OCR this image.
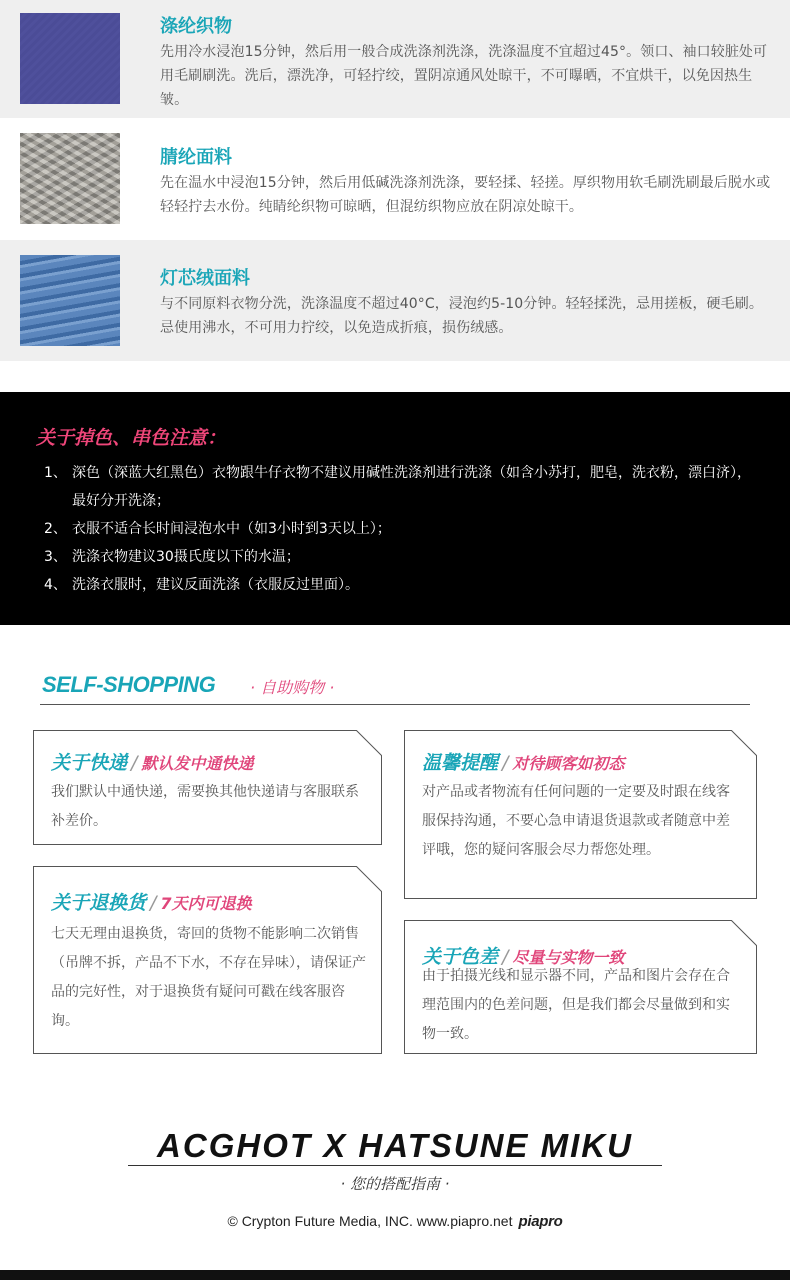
涤纶织物
先用冷水浸泡15分钟，然后用一般合成洗涤剂洗涤，洗涤温度不宜超过45°。领口、袖口较脏处可用毛刷刷洗。洗后，漂洗净，可轻拧绞，置阴凉通风处晾干，不可曝晒，不宜烘干，以免因热生皱。
腈纶面料
先在温水中浸泡15分钟，然后用低碱洗涤剂洗涤，要轻揉、轻搓。厚织物用软毛刷洗刷最后脱水或轻轻拧去水份。纯睛纶织物可晾晒，但混纺织物应放在阴凉处晾干。
灯芯绒面料
与不同原料衣物分洗，洗涤温度不超过40°C，浸泡约5-10分钟。轻轻揉洗，忌用搓板，硬毛刷。忌使用沸水，不可用力拧绞，以免造成折痕，损伤绒感。
关于掉色、串色注意：
1、 深色（深蓝大红黑色）衣物跟牛仔衣物不建议用碱性洗涤剂进行洗涤（如含小苏打，肥皂，洗衣粉，漂白济），最好分开洗涤；
2、 衣服不适合长时间浸泡水中（如3小时到3天以上）；
3、 洗涤衣物建议30摄氏度以下的水温；
4、 洗涤衣服时，建议反面洗涤（衣服反过里面）。
SELF-SHOPPING · 自助购物 ·
关于快递 / 默认发中通快递
我们默认中通快递，需要换其他快递请与客服联系补差价。
温馨提醒 / 对待顾客如初态
对产品或者物流有任何问题的一定要及时跟在线客服保持沟通，不要心急申请退货退款或者随意中差评哦，您的疑问客服会尽力帮您处理。
关于退换货 / 7天内可退换
七天无理由退换货，寄回的货物不能影响二次销售（吊牌不拆，产品不下水，不存在异味），请保证产品的完好性，对于退换货有疑问可戳在线客服咨询。
关于色差 / 尽量与实物一致
由于拍摄光线和显示器不同，产品和图片会存在合理范围内的色差问题，但是我们都会尽量做到和实物一致。
ACGHOT X HATSUNE MIKU
· 您的搭配指南 ·
© Crypton Future Media, INC. www.piapro.net piapro
